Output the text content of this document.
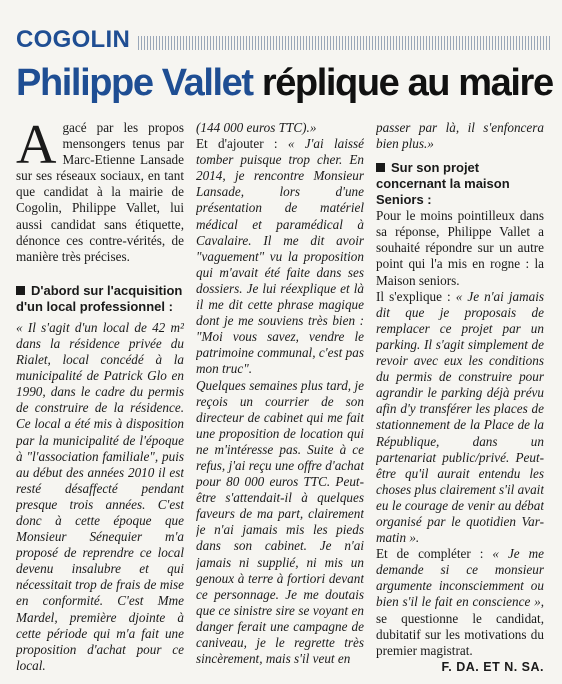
COGOLIN
Philippe Vallet réplique au maire

Agacé par les propos mensongers tenus par Marc-Etienne Lansade sur ses réseaux sociaux, en tant que candidat à la mairie de Cogolin, Philippe Vallet, lui aussi candidat sans étiquette, dénonce ces contre-vérités, de manière très précises.

D'abord sur l'acquisition d'un local professionnel :

« Il s'agit d'un local de 42 m² dans la résidence privée du Rialet, local concédé à la municipalité de Patrick Glo en 1990, dans le cadre du permis de construire de la résidence. Ce local a été mis à disposition par la municipalité de l'époque à "l'association familiale", puis au début des années 2010 il est resté désaffecté pendant presque trois années. C'est donc à cette époque que Monsieur Sénequier m'a proposé de reprendre ce local devenu insalubre et qui nécessitait trop de frais de mise en conformité. C'est Mme Mardel, première djointe à cette période qui m'a fait une proposition d'achat pour ce local.

(144 000 euros TTC).»

Et d'ajouter : « J'ai laissé tomber puisque trop cher. En 2014, je rencontre Monsieur Lansade, lors d'une présentation de matériel médical et paramédical à Cavalaire. Il me dit avoir "vaguement" vu la proposition qui m'avait été faite dans ses dossiers. Je lui réexplique et là il me dit cette phrase magique dont je me souviens très bien : "Moi vous savez, vendre le patrimoine communal, c'est pas mon truc".

Quelques semaines plus tard, je reçois un courrier de son directeur de cabinet qui me fait une proposition de location qui ne m'intéresse pas. Suite à ce refus, j'ai reçu une offre d'achat pour 80 000 euros TTC. Peut-être s'attendait-il à quelques faveurs de ma part, clairement je n'ai jamais mis les pieds dans son cabinet. Je n'ai jamais ni supplié, ni mis un genoux à terre à fortiori devant ce personnage. Je me doutais que ce sinistre sire se voyant en danger ferait une campagne de caniveau, je le regrette très sincèrement, mais s'il veut en

passer par là, il s'enfoncera bien plus.»

Sur son projet concernant la maison Seniors :

Pour le moins pointilleux dans sa réponse, Philippe Vallet a souhaité répondre sur un autre point qui l'a mis en rogne : la Maison seniors.

Il s'explique : « Je n'ai jamais dit que je proposais de remplacer ce projet par un parking. Il s'agit simplement de revoir avec eux les conditions du permis de construire pour agrandir le parking déjà prévu afin d'y transférer les places de stationnement de la Place de la République, dans un partenariat public/privé. Peut-être qu'il aurait entendu les choses plus clairement s'il avait eu le courage de venir au débat organisé par le quotidien Var-matin ».

Et de compléter : « Je me demande si ce monsieur argumente inconsciemment ou bien s'il le fait en conscience », se questionne le candidat, dubitatif sur les motivations du premier magistrat.

F. DA. ET N. SA.
